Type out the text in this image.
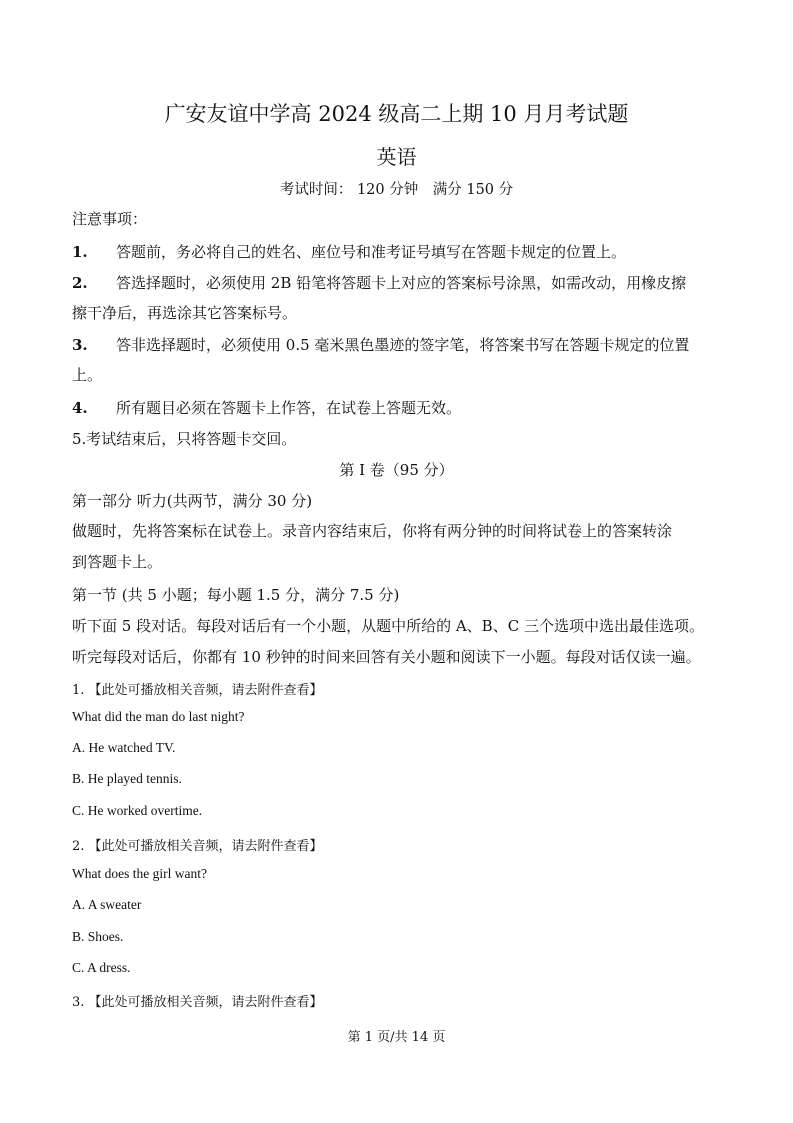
广安友谊中学高 2024 级高二上期 10 月月考试题
英语
考试时间： 120 分钟　满分 150 分
注意事项：
1. 答题前，务必将自己的姓名、座位号和准考证号填写在答题卡规定的位置上。
2. 答选择题时，必须使用 2B 铅笔将答题卡上对应的答案标号涂黑，如需改动，用橡皮擦
擦干净后，再选涂其它答案标号。
3. 答非选择题时，必须使用 0.5 毫米黑色墨迹的签字笔，将答案书写在答题卡规定的位置
上。
4. 所有题目必须在答题卡上作答，在试卷上答题无效。
5.考试结束后，只将答题卡交回。
第 I 卷（95 分）
第一部分 听力(共两节，满分 30 分)
做题时，先将答案标在试卷上。录音内容结束后，你将有两分钟的时间将试卷上的答案转涂
到答题卡上。
第一节 (共 5 小题；每小题 1.5 分，满分 7.5 分)
听下面 5 段对话。每段对话后有一个小题，从题中所给的 A、B、C 三个选项中选出最佳选项。
听完每段对话后，你都有 10 秒钟的时间来回答有关小题和阅读下一小题。每段对话仅读一遍。
1. 【此处可播放相关音频，请去附件查看】
What did the man do last night?
A. He watched TV.
B. He played tennis.
C. He worked overtime.
2. 【此处可播放相关音频，请去附件查看】
What does the girl want?
A. A sweater
B. Shoes.
C. A dress.
3. 【此处可播放相关音频，请去附件查看】
第 1 页/共 14 页
